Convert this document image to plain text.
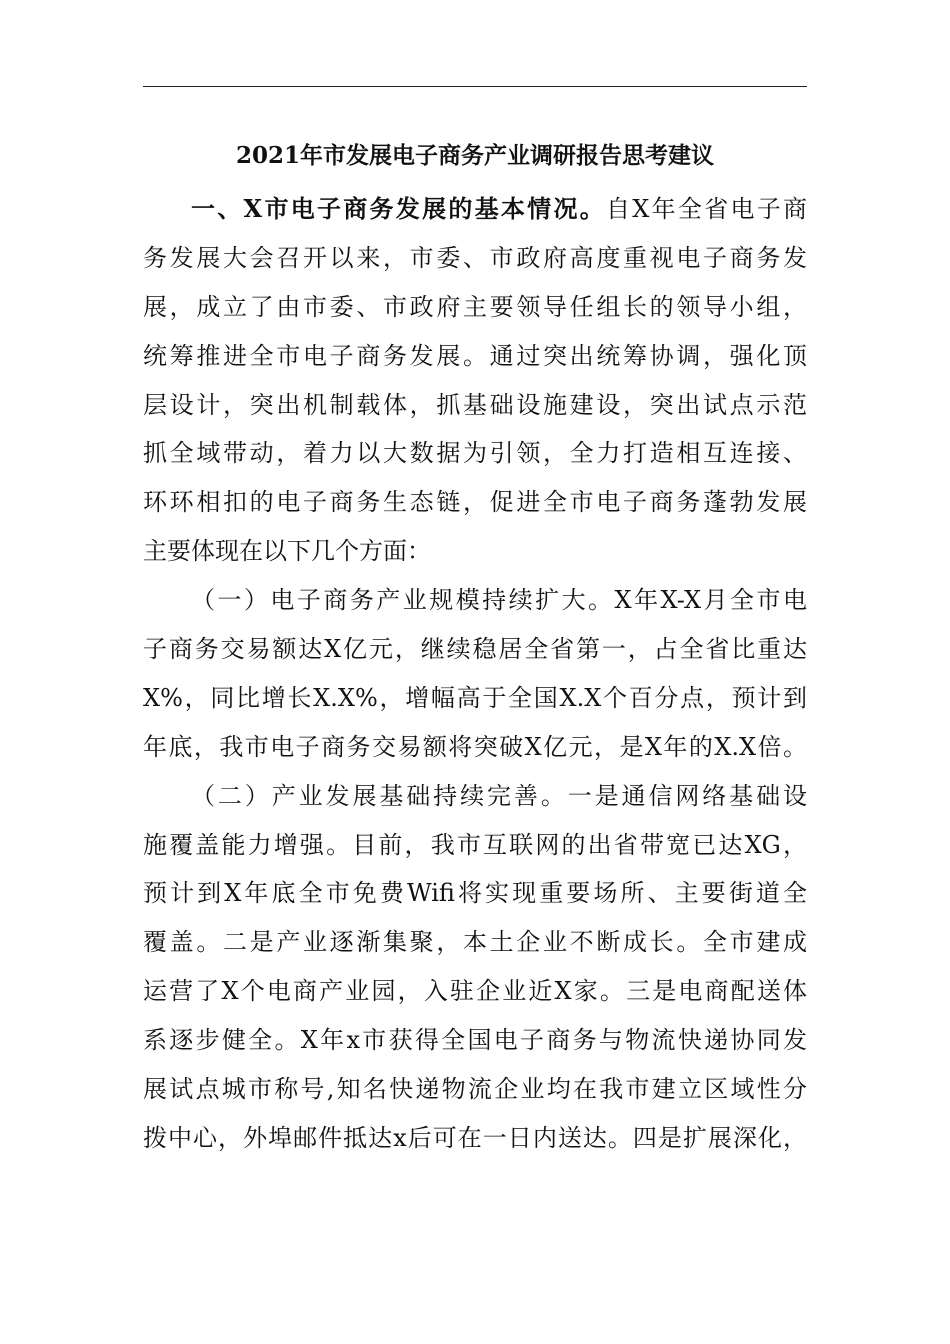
2021年市发展电子商务产业调研报告思考建议
一、X市电子商务发展的基本情况。自X年全省电子商
务发展大会召开以来，市委、市政府高度重视电子商务发
展，成立了由市委、市政府主要领导任组长的领导小组，
统筹推进全市电子商务发展。通过突出统筹协调，强化顶
层设计，突出机制载体，抓基础设施建设，突出试点示范
抓全域带动，着力以大数据为引领，全力打造相互连接、
环环相扣的电子商务生态链，促进全市电子商务蓬勃发展
主要体现在以下几个方面：
（一）电子商务产业规模持续扩大。X年X-X月全市电
子商务交易额达X亿元，继续稳居全省第一，占全省比重达
X%，同比增长X.X%，增幅高于全国X.X个百分点，预计到
年底，我市电子商务交易额将突破X亿元，是X年的X.X倍。
（二）产业发展基础持续完善。一是通信网络基础设
施覆盖能力增强。目前，我市互联网的出省带宽已达XG，
预计到X年底全市免费Wifi将实现重要场所、主要街道全
覆盖。二是产业逐渐集聚，本土企业不断成长。全市建成
运营了X个电商产业园，入驻企业近X家。三是电商配送体
系逐步健全。X年x市获得全国电子商务与物流快递协同发
展试点城市称号,知名快递物流企业均在我市建立区域性分
拨中心，外埠邮件抵达x后可在一日内送达。四是扩展深化，
